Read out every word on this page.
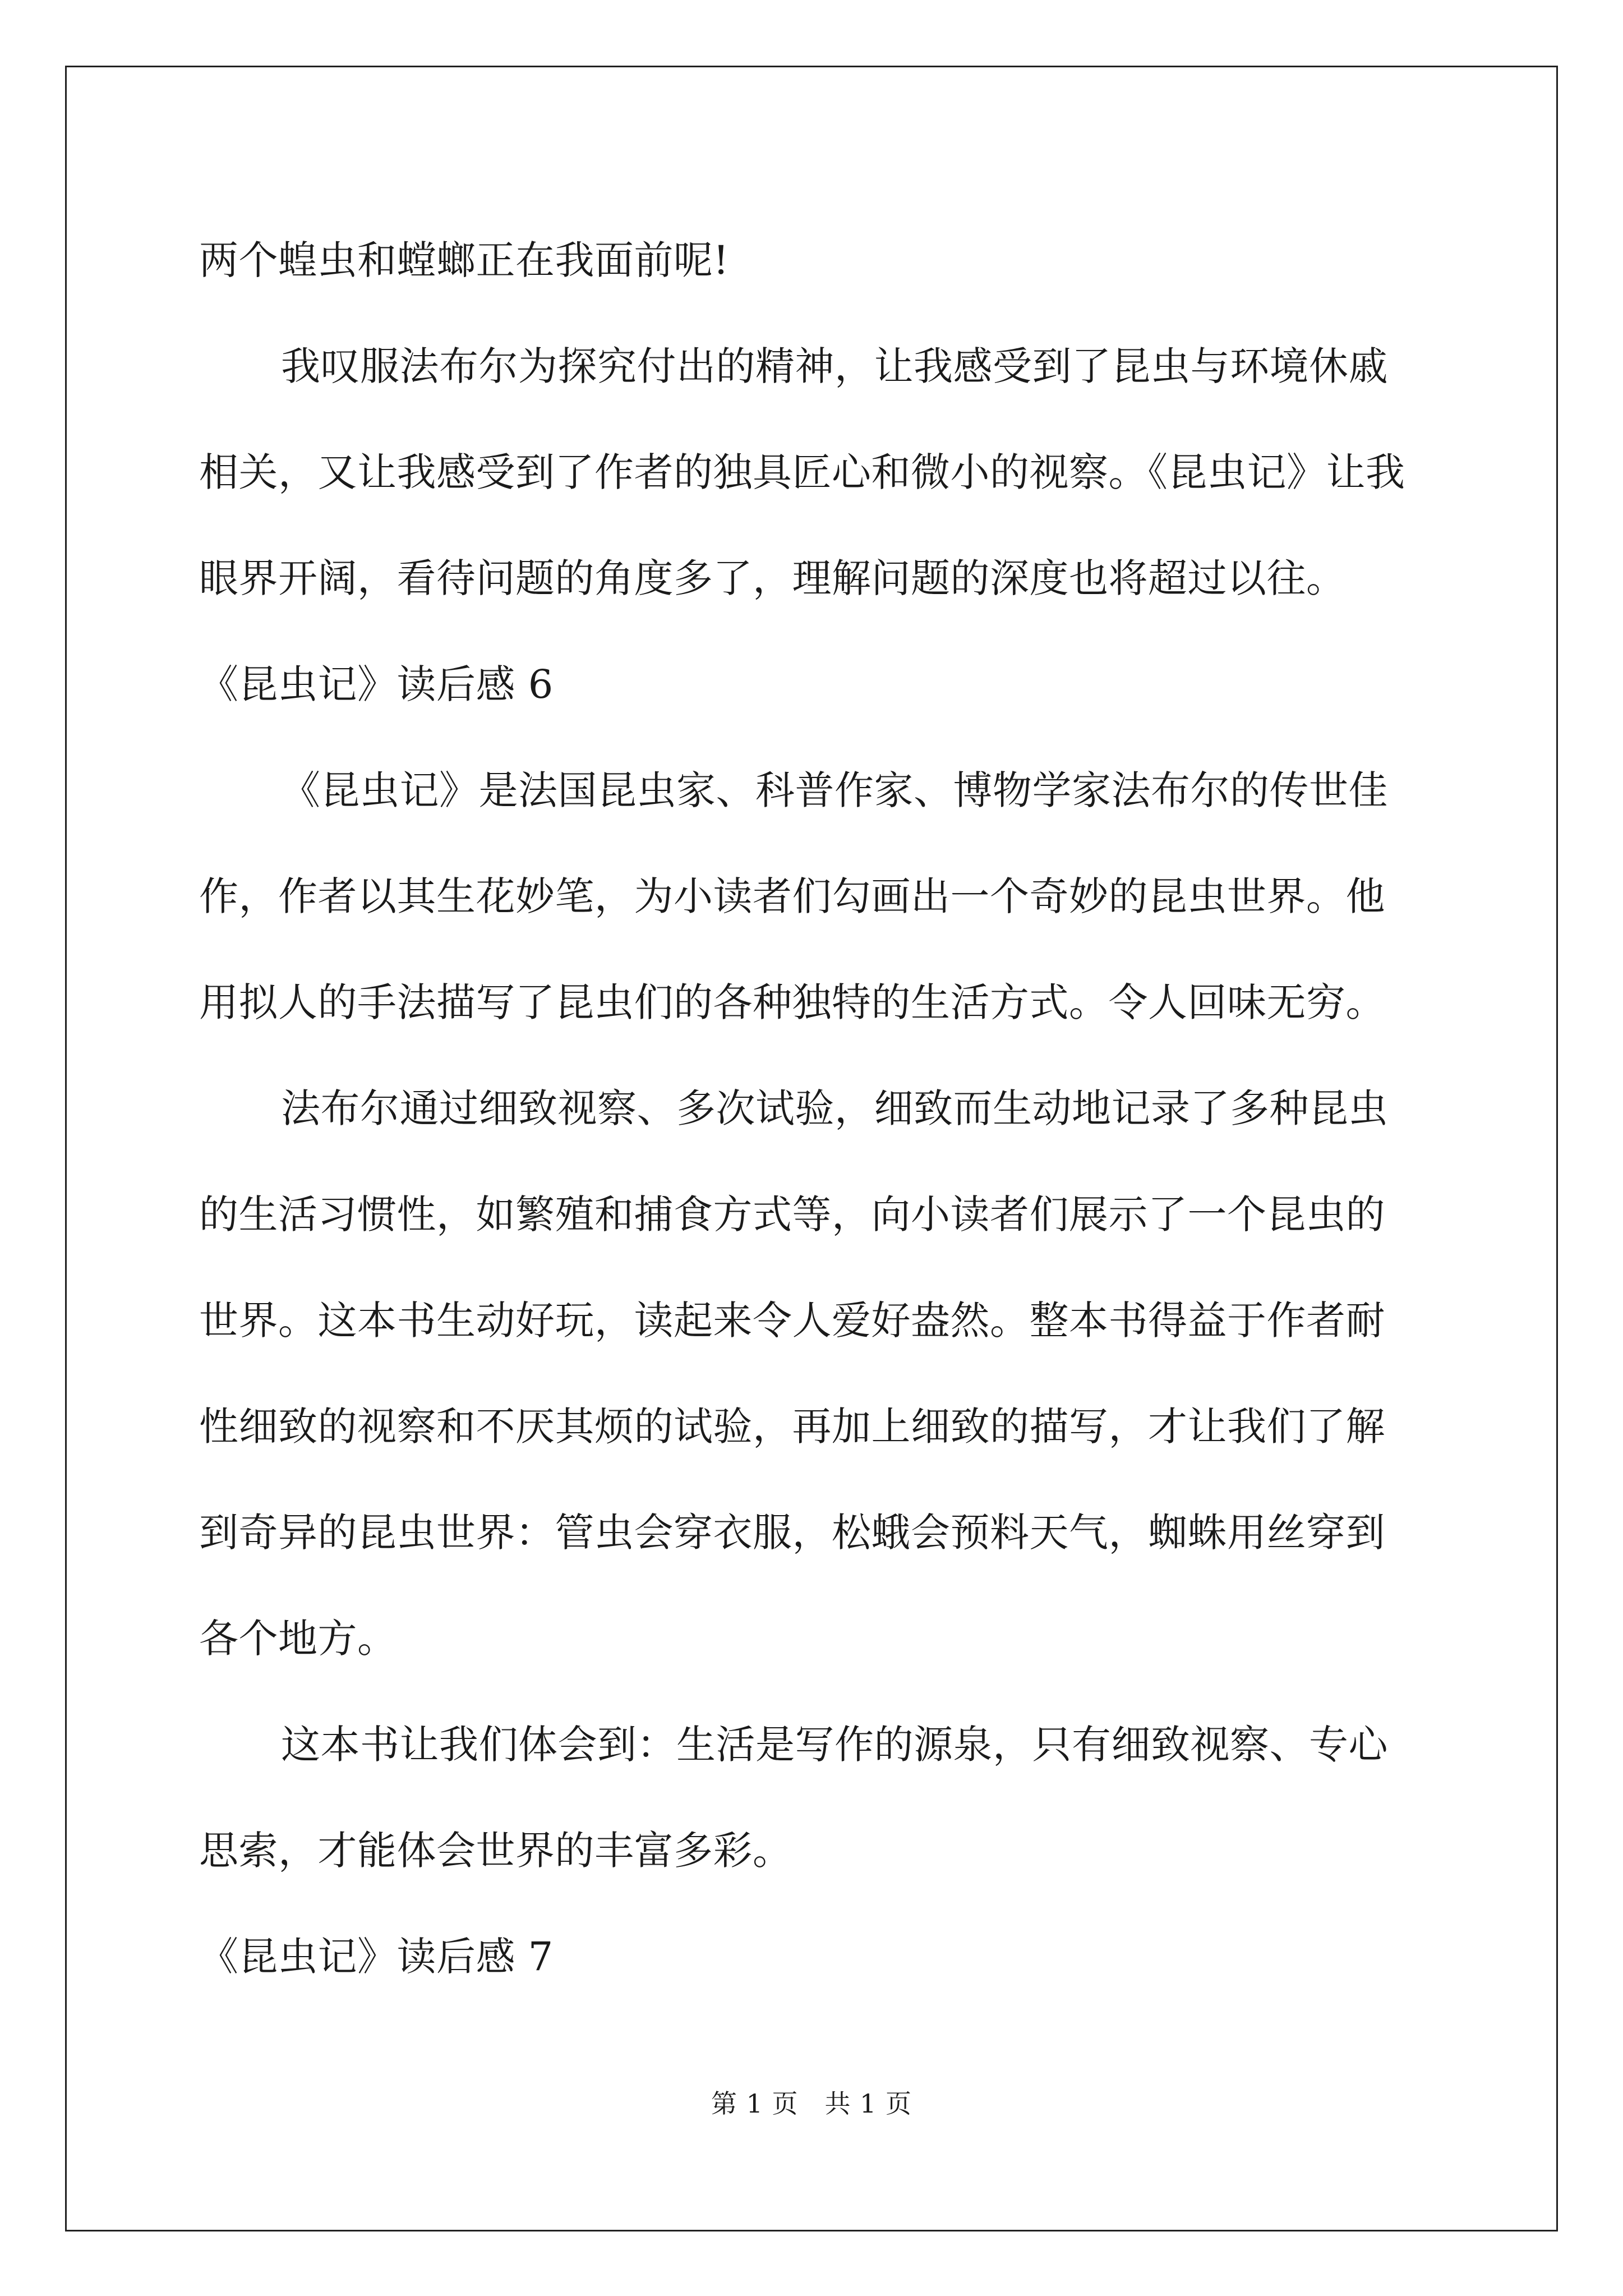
两个蝗虫和螳螂正在我面前呢!
我叹服法布尔为探究付出的精神，让我感受到了昆虫与环境休戚
相关，又让我感受到了作者的独具匠心和微小的视察。《昆虫记》让我
眼界开阔，看待问题的角度多了，理解问题的深度也将超过以往。
《昆虫记》读后感 6
《昆虫记》是法国昆虫家、科普作家、博物学家法布尔的传世佳
作，作者以其生花妙笔，为小读者们勾画出一个奇妙的昆虫世界。他
用拟人的手法描写了昆虫们的各种独特的生活方式。令人回味无穷。
法布尔通过细致视察、多次试验，细致而生动地记录了多种昆虫
的生活习惯性，如繁殖和捕食方式等，向小读者们展示了一个昆虫的
世界。这本书生动好玩，读起来令人爱好盎然。整本书得益于作者耐
性细致的视察和不厌其烦的试验，再加上细致的描写，才让我们了解
到奇异的昆虫世界：管虫会穿衣服，松蛾会预料天气，蜘蛛用丝穿到
各个地方。
这本书让我们体会到：生活是写作的源泉，只有细致视察、专心
思索，才能体会世界的丰富多彩。
《昆虫记》读后感 7
第 1 页 共 1 页
